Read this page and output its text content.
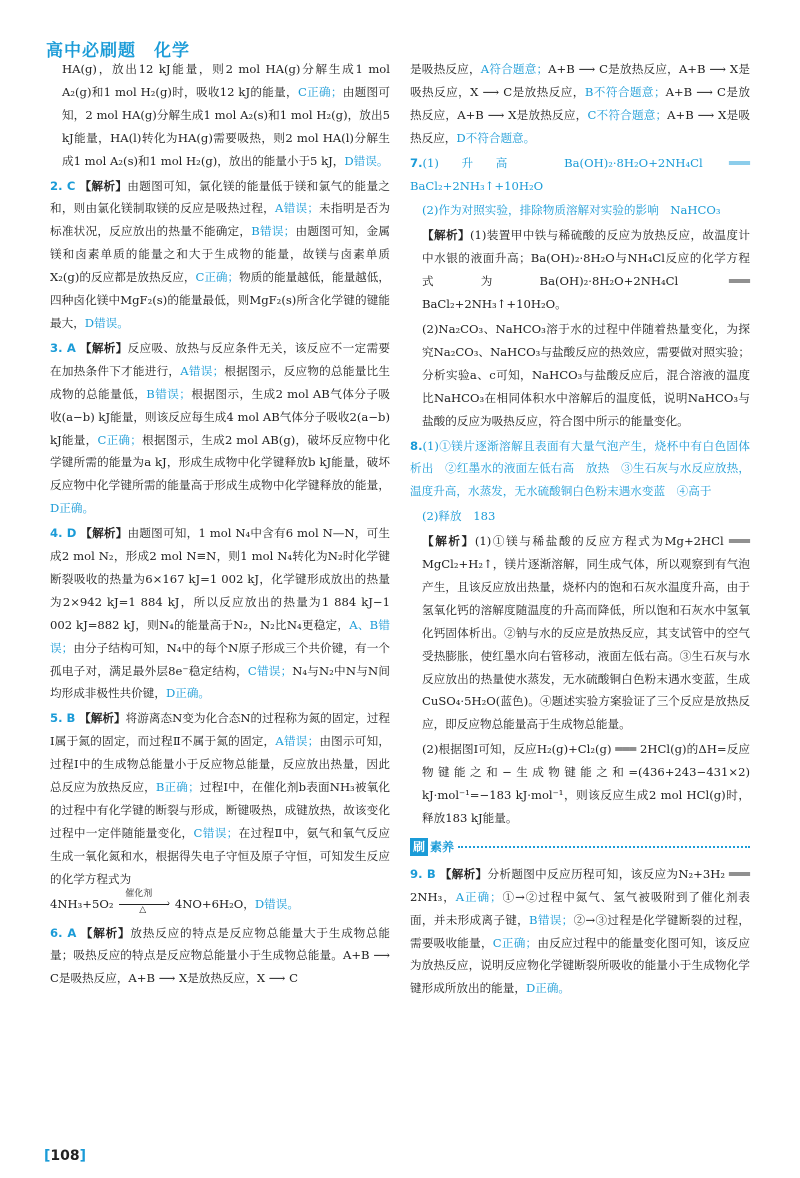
高中必刷题　化学

HA(g)，放出12 kJ能量，则2 mol HA(g)分解生成1 mol A₂(g)和1 mol H₂(g)时，吸收12 kJ的能量，C正确；由题图可知，2 mol HA(g)分解生成1 mol A₂(s)和1 mol H₂(g)，放出5 kJ能量，HA(l)转化为HA(g)需要吸热，则2 mol HA(l)分解生成1 mol A₂(s)和1 mol H₂(g)，放出的能量小于5 kJ，D错误。

2. C 【解析】由题图可知，氯化镁的能量低于镁和氯气的能量之和，则由氯化镁制取镁的反应是吸热过程，A错误；未指明是否为标准状况，反应放出的热量不能确定，B错误；由题图可知，金属镁和卤素单质的能量之和大于生成物的能量，故镁与卤素单质X₂(g)的反应都是放热反应，C正确；物质的能量越低，能量越低，四种卤化镁中MgF₂(s)的能量最低，则MgF₂(s)所含化学键的键能最大，D错误。

3. A 【解析】反应吸、放热与反应条件无关，该反应不一定需要在加热条件下才能进行，A错误；根据图示，反应物的总能量比生成物的总能量低，B错误；根据图示，生成2 mol AB气体分子吸收(a−b) kJ能量，则该反应每生成4 mol AB气体分子吸收2(a−b) kJ能量，C正确；根据图示，生成2 mol AB(g)，破坏反应物中化学键所需的能量为a kJ，形成生成物中化学键释放b kJ能量，破坏反应物中化学键所需的能量高于形成生成物中化学键释放的能量，D正确。

4. D 【解析】由题图可知，1 mol N₄中含有6 mol N—N，可生成2 mol N₂，形成2 mol N≡N，则1 mol N₄转化为N₂时化学键断裂吸收的热量为6×167 kJ=1 002 kJ，化学键形成放出的热量为2×942 kJ=1 884 kJ，所以反应放出的热量为1 884 kJ−1 002 kJ=882 kJ，则N₄的能量高于N₂，N₂比N₄更稳定，A、B错误；由分子结构可知，N₄中的每个N原子形成三个共价键，有一个孤电子对，满足最外层8e⁻稳定结构，C错误；N₄与N₂中N与N间均形成非极性共价键，D正确。

5. B 【解析】将游离态N变为化合态N的过程称为氮的固定，过程Ⅰ属于氮的固定，而过程Ⅱ不属于氮的固定，A错误；由图示可知，过程Ⅰ中的生成物总能量小于反应物总能量，反应放出热量，因此总反应为放热反应，B正确；过程Ⅰ中，在催化剂b表面NH₃被氧化的过程中有化学键的断裂与形成，断键吸热，成键放热，故该变化过程中一定伴随能量变化，C错误；在过程Ⅱ中，氨气和氧气反应生成一氧化氮和水，根据得失电子守恒及原子守恒，可知发生反应的化学方程式为

4NH₃+5O₂
催化剂
›
△ 4NO+6H₂O，D错误。

6. A 【解析】放热反应的特点是反应物总能量大于生成物总能量；吸热反应的特点是反应物总能量小于生成物总能量。A+B ⟶ C是吸热反应，A+B ⟶ X是放热反应，X ⟶ C

是吸热反应，A符合题意；A+B ⟶ C是放热反应，A+B ⟶ X是吸热反应，X ⟶ C是放热反应，B不符合题意；A+B ⟶ C是放热反应，A+B ⟶ X是放热反应，C不符合题意；A+B ⟶ X是吸热反应，D不符合题意。

7.(1)升高　Ba(OH)₂·8H₂O+2NH₄Cl ═══ BaCl₂+2NH₃↑+10H₂O

(2)作为对照实验，排除物质溶解对实验的影响　NaHCO₃

【解析】(1)装置甲中铁与稀硫酸的反应为放热反应，故温度计中水银的液面升高；Ba(OH)₂·8H₂O与NH₄Cl反应的化学方程式为Ba(OH)₂·8H₂O+2NH₄Cl ═══ BaCl₂+2NH₃↑+10H₂O。

(2)Na₂CO₃、NaHCO₃溶于水的过程中伴随着热量变化，为探究Na₂CO₃、NaHCO₃与盐酸反应的热效应，需要做对照实验；分析实验a、c可知，NaHCO₃与盐酸反应后，混合溶液的温度比NaHCO₃在相同体积水中溶解后的温度低，说明NaHCO₃与盐酸的反应为吸热反应，符合图中所示的能量变化。

8.(1)①镁片逐渐溶解且表面有大量气泡产生，烧杯中有白色固体析出　②红墨水的液面左低右高　放热　③生石灰与水反应放热，温度升高，水蒸发，无水硫酸铜白色粉末遇水变蓝　④高于

(2)释放　183

【解析】(1)①镁与稀盐酸的反应方程式为Mg+2HCl ═══ MgCl₂+H₂↑，镁片逐渐溶解，同生成气体，所以观察到有气泡产生，且该反应放出热量，烧杯内的饱和石灰水温度升高，由于氢氧化钙的溶解度随温度的升高而降低，所以饱和石灰水中氢氧化钙固体析出。②钠与水的反应是放热反应，其支试管中的空气受热膨胀，使红墨水向右管移动，液面左低右高。③生石灰与水反应放出的热量使水蒸发，无水硫酸铜白色粉末遇水变蓝，生成CuSO₄·5H₂O(蓝色)。④题述实验方案验证了三个反应是放热反应，即反应物总能量高于生成物总能量。

(2)根据图Ⅰ可知，反应H₂(g)+Cl₂(g) ═══ 2HCl(g)的ΔH=反应物键能之和−生成物键能之和=(436+243−431×2) kJ·mol⁻¹=−183 kJ·mol⁻¹，则该反应生成2 mol HCl(g)时，释放183 kJ能量。

刷 素养

9. B 【解析】分析题图中反应历程可知，该反应为N₂+3H₂ ═══ 2NH₃，A正确；①→②过程中氮气、氢气被吸附到了催化剂表面，并未形成离子键，B错误；②→③过程是化学键断裂的过程，需要吸收能量，C正确；由反应过程中的能量变化图可知，该反应为放热反应，说明反应物化学键断裂所吸收的能量小于生成物化学键形成所放出的能量，D正确。

[108]
